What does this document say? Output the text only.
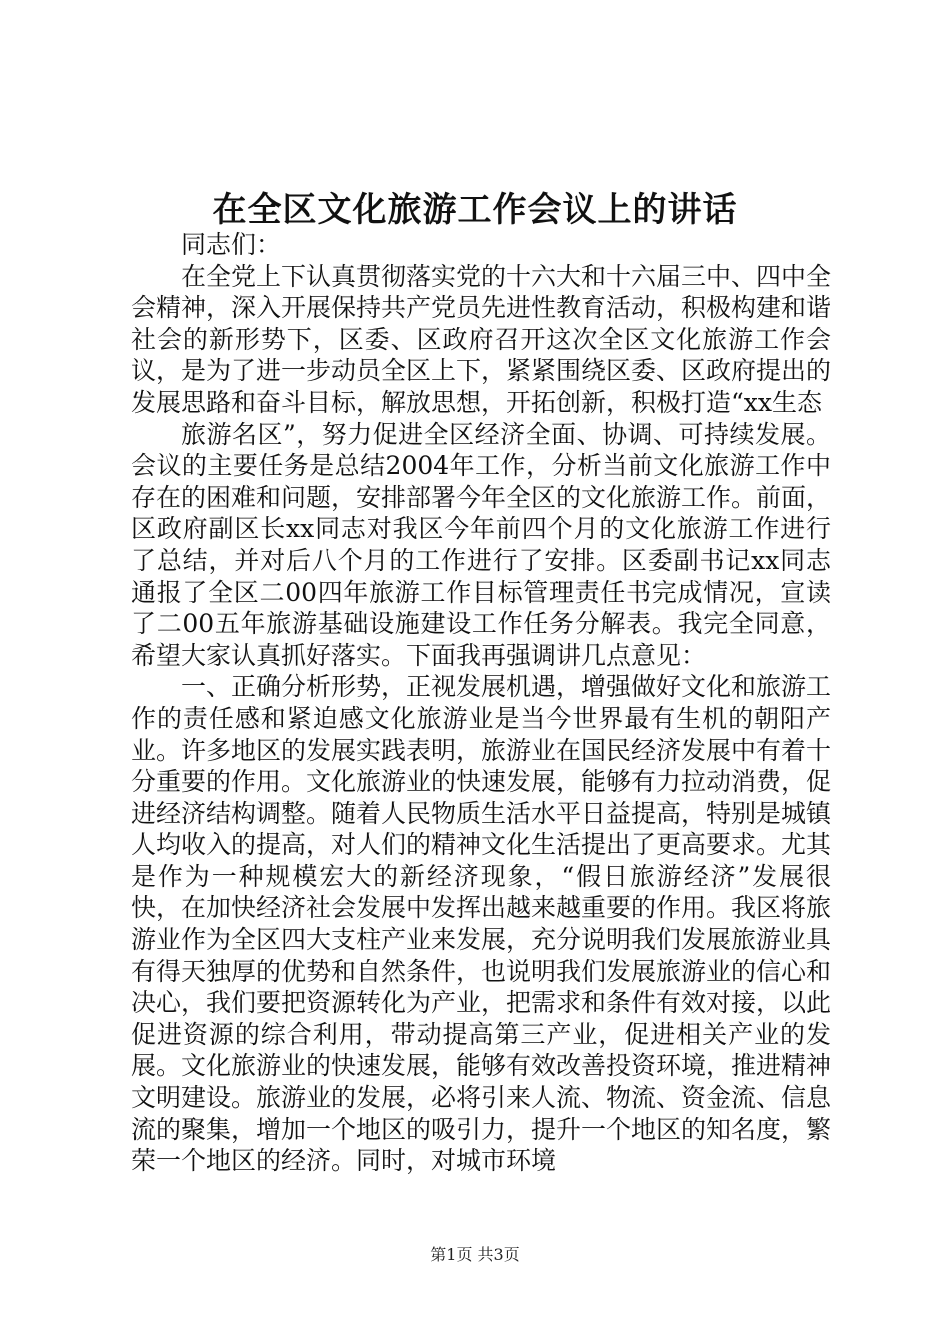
在全区文化旅游工作会议上的讲话

同志们：

在全党上下认真贯彻落实党的十六大和十六届三中、四中全会精神，深入开展保持共产党员先进性教育活动，积极构建和谐社会的新形势下，区委、区政府召开这次全区文化旅游工作会议，是为了进一步动员全区上下，紧紧围绕区委、区政府提出的发展思路和奋斗目标，解放思想，开拓创新，积极打造“xx生态

旅游名区”，努力促进全区经济全面、协调、可持续发展。会议的主要任务是总结2004年工作，分析当前文化旅游工作中存在的困难和问题，安排部署今年全区的文化旅游工作。前面，区政府副区长xx同志对我区今年前四个月的文化旅游工作进行了总结，并对后八个月的工作进行了安排。区委副书记xx同志通报了全区二00四年旅游工作目标管理责任书完成情况，宣读了二00五年旅游基础设施建设工作任务分解表。我完全同意，希望大家认真抓好落实。下面我再强调讲几点意见：

一、正确分析形势，正视发展机遇，增强做好文化和旅游工作的责任感和紧迫感文化旅游业是当今世界最有生机的朝阳产业。许多地区的发展实践表明，旅游业在国民经济发展中有着十分重要的作用。文化旅游业的快速发展，能够有力拉动消费，促进经济结构调整。随着人民物质生活水平日益提高，特别是城镇人均收入的提高，对人们的精神文化生活提出了更高要求。尤其是作为一种规模宏大的新经济现象，“假日旅游经济”发展很快，在加快经济社会发展中发挥出越来越重要的作用。我区将旅游业作为全区四大支柱产业来发展，充分说明我们发展旅游业具有得天独厚的优势和自然条件，也说明我们发展旅游业的信心和决心，我们要把资源转化为产业，把需求和条件有效对接，以此促进资源的综合利用，带动提高第三产业，促进相关产业的发展。文化旅游业的快速发展，能够有效改善投资环境，推进精神文明建设。旅游业的发展，必将引来人流、物流、资金流、信息流的聚集，增加一个地区的吸引力，提升一个地区的知名度，繁荣一个地区的经济。同时，对城市环境

第1页 共3页
